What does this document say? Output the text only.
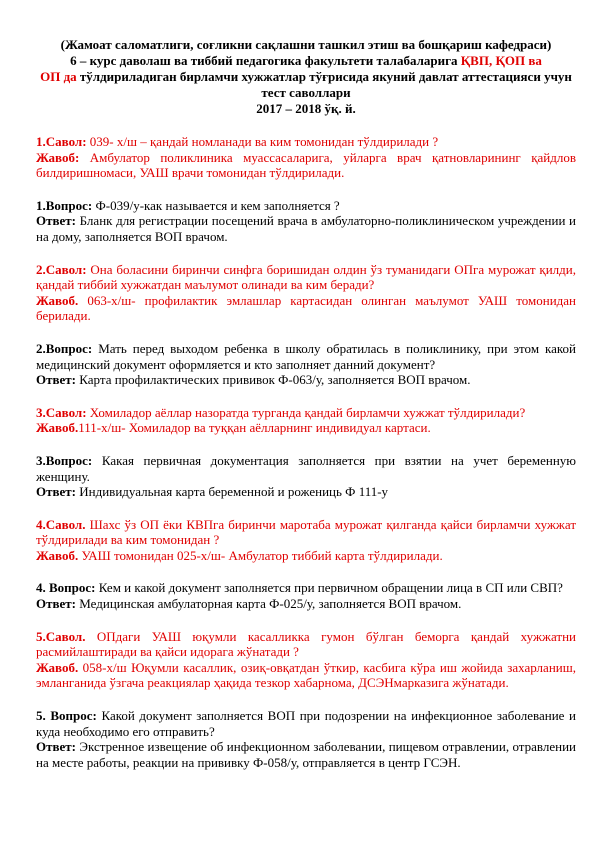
(Жамоат саломатлиги, соғликни сақлашни ташкил этиш ва бошқариш кафедраси)
6 – курс даволаш ва тиббий педагогика факультети талабаларига ҚВП, ҚОП ва
ОП да тўлдириладиган бирламчи хужжатлар тўғрисида якуний давлат аттестацияси учун тест саволлари
2017 – 2018 ўқ. й.

1.Савол: 039- х/ш – қандай номланади ва ким томонидан тўлдирилади ?

Жавоб: Амбулатор поликлиника муассасаларига, уйларга врач қатновларининг қайдлов билдиришномаси, УАШ врачи томонидан тўлдирилади.

1.Вопрос: Ф-039/у-как называется и кем заполняется ?

Ответ: Бланк для регистрации посещений врача в амбулаторно-поликлиническом учреждении и на дому, заполняется ВОП врачом.

2.Савол: Она боласини биринчи синфга боришидан олдин ўз туманидаги ОПга мурожат қилди, қандай тиббий хужжатдан маълумот олинади ва ким беради?

Жавоб. 063-х/ш- профилактик эмлашлар картасидан олинган маълумот УАШ томонидан берилади.

2.Вопрос: Мать перед выходом ребенка в школу обратилась в поликлинику, при этом какой медицинский документ оформляется и кто заполняет данний документ?

Ответ: Карта профилактических прививок Ф-063/у, заполняется ВОП врачом.

3.Савол: Хомиладор аёллар назоратда турганда қандай бирламчи хужжат тўлдирилади?

Жавоб.111-х/ш- Хомиладор ва туққан аёлларнинг индивидуал картаси.

3.Вопрос: Какая первичная документация заполняется при взятии на учет беременную женщину.

Ответ: Индивидуальная карта беременной и рожениць Ф 111-у

4.Савол. Шахс ўз ОП ёки КВПга биринчи маротаба мурожат қилганда қайси бирламчи хужжат тўлдирилади ва ким томонидан ?

Жавоб. УАШ томонидан 025-х/ш- Амбулатор тиббий карта тўлдирилади.

4. Вопрос: Кем и какой документ заполняется при первичном обращении лица в СП или СВП?

Ответ: Медицинская амбулаторная карта Ф-025/у, заполняется ВОП врачом.

5.Савол. ОПдаги УАШ юқумли касалликка гумон бўлган беморга қандай хужжатни расмийлаштиради ва қайси идорага жўнатади ?

Жавоб. 058-х/ш Юқумли касаллик, озиқ-овқатдан ўткир, касбига кўра иш жойида захарланиш, эмланганида ўзгача реакциялар ҳақида тезкор хабарнома, ДСЭНмарказига жўнатади.

5. Вопрос: Какой документ заполняется ВОП при подозрении на инфекционное заболевание и куда необходимо его отправить?

Ответ: Экстренное извещение об инфекционном заболевании, пищевом отравлении, отравлении на месте работы, реакции на прививку Ф-058/у, отправляется в центр ГСЭН.
